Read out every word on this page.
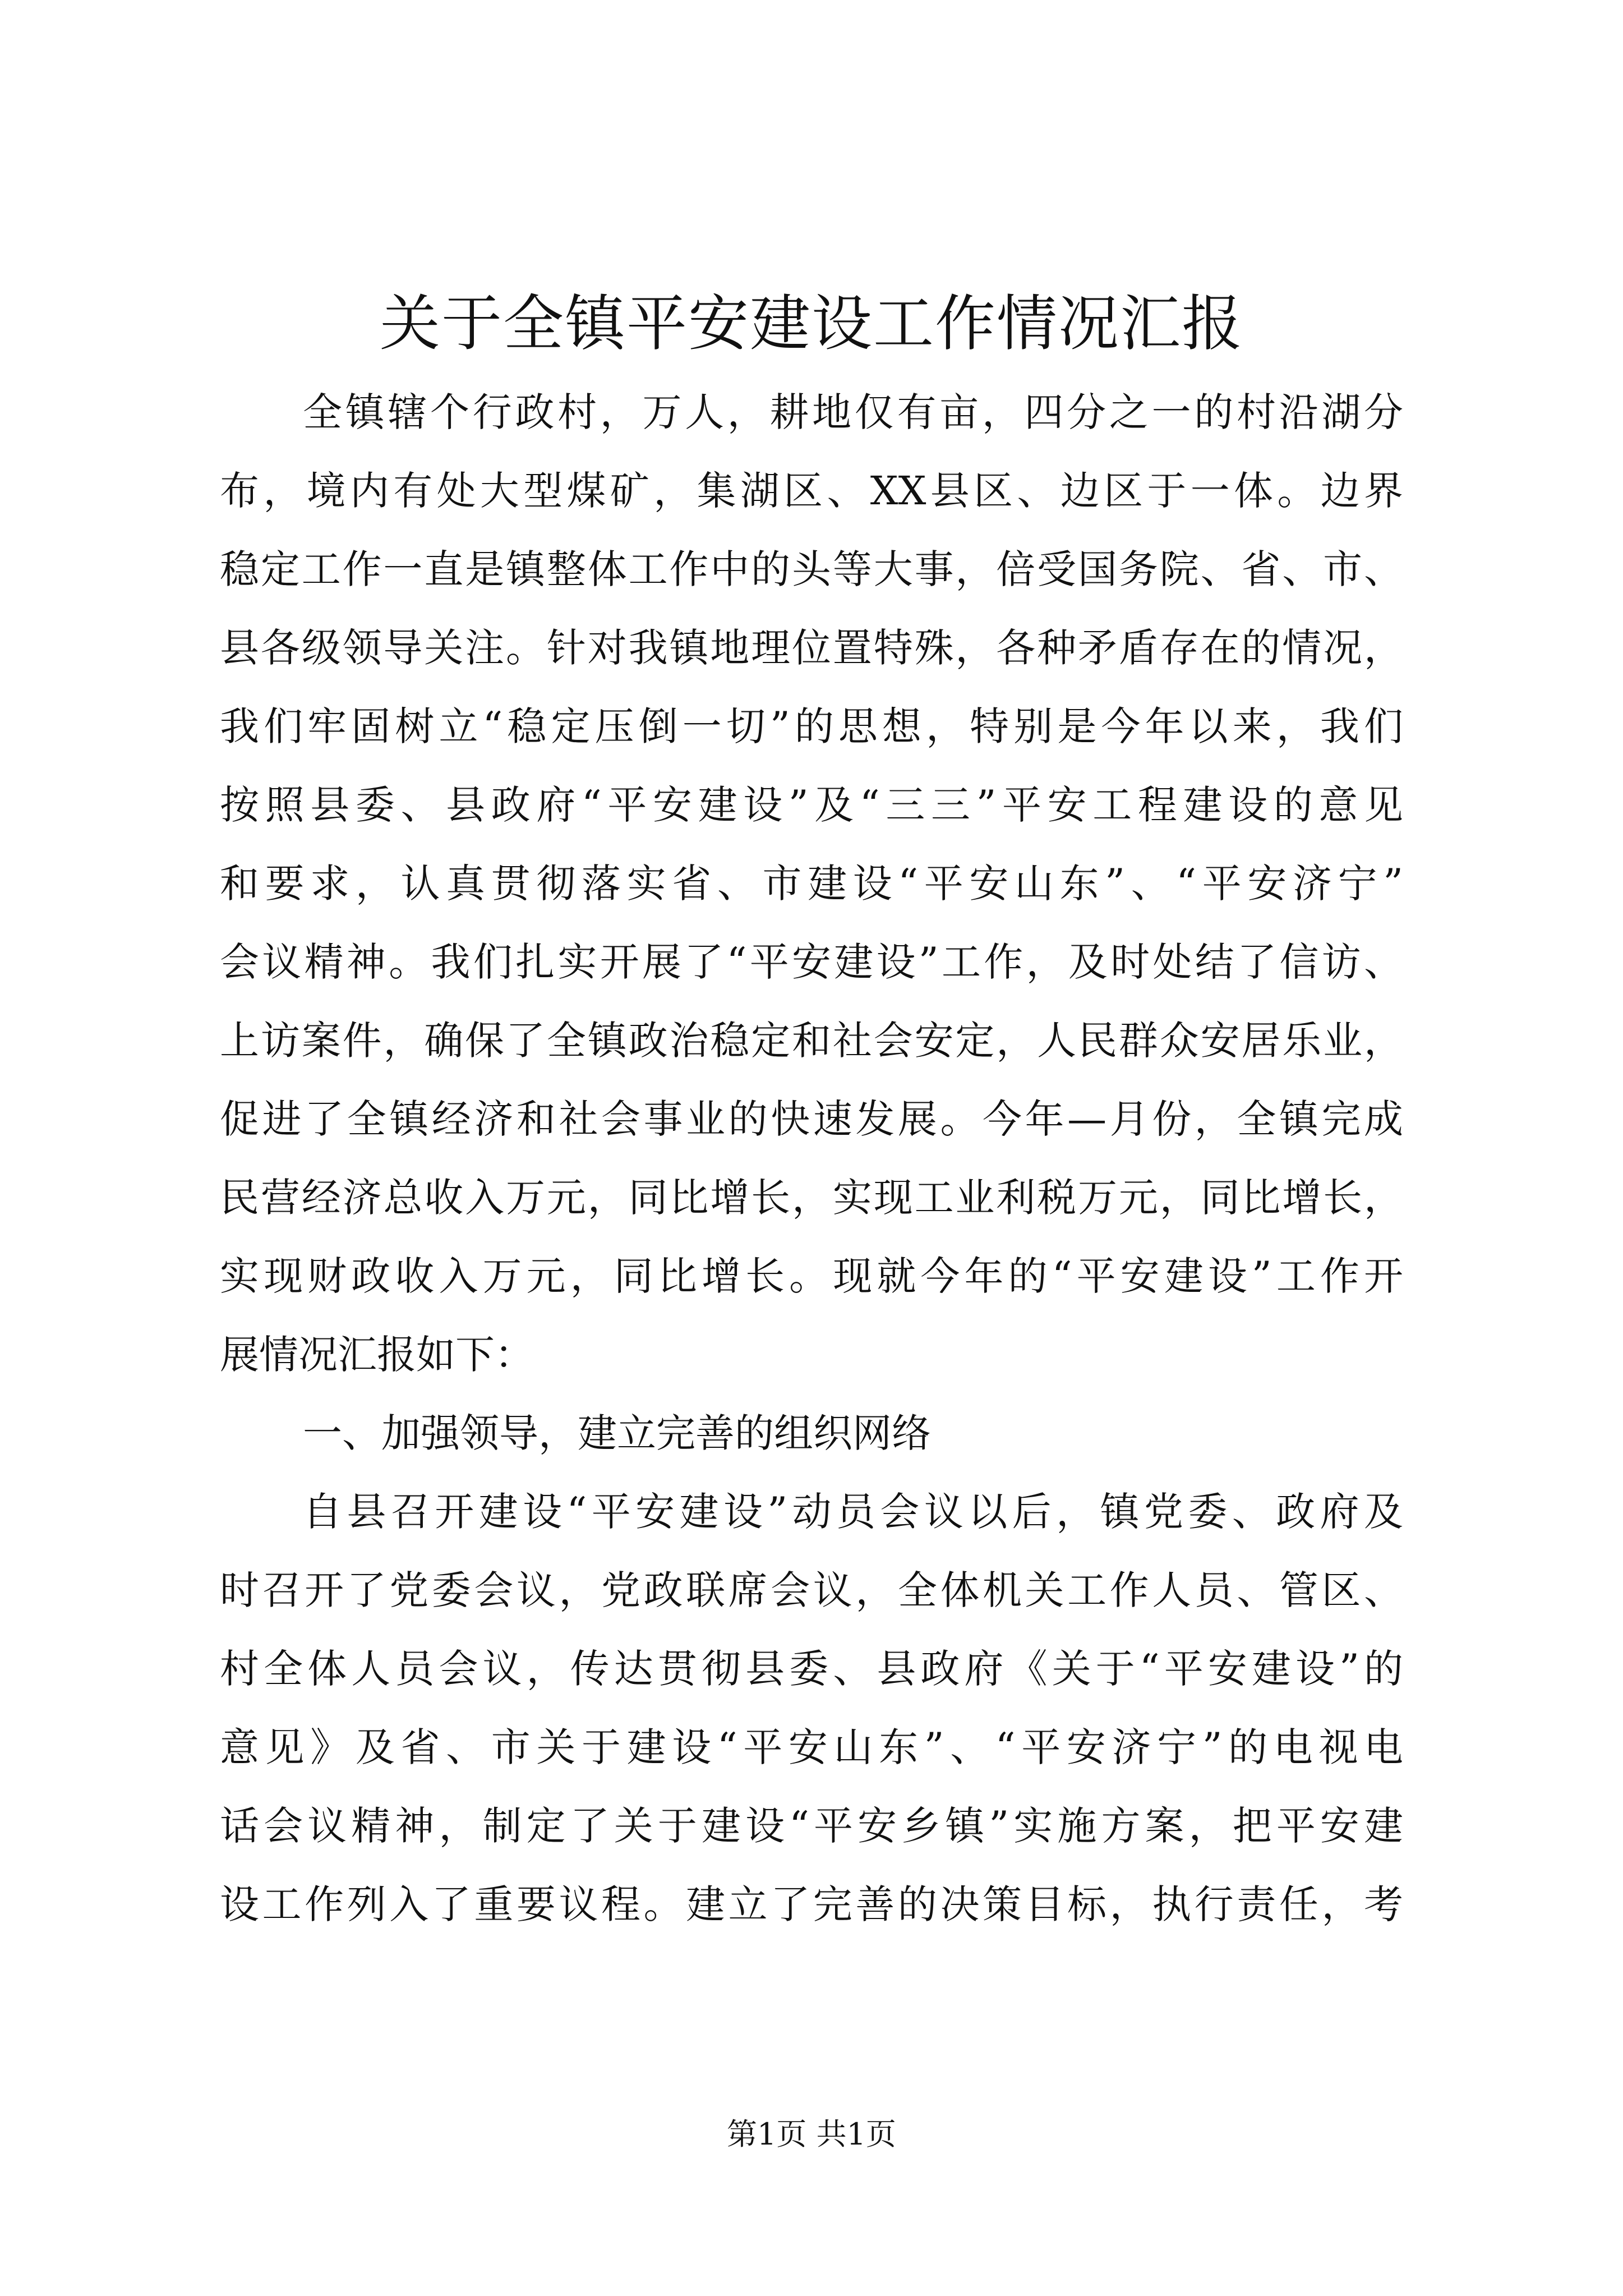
关于全镇平安建设工作情况汇报
全镇辖个行政村，万人，耕地仅有亩，四分之一的村沿湖分
布，境内有处大型煤矿，集湖区、XX县区、边区于一体。边界
稳定工作一直是镇整体工作中的头等大事，倍受国务院、省、市、
县各级领导关注。针对我镇地理位置特殊，各种矛盾存在的情况，
我们牢固树立“稳定压倒一切”的思想，特别是今年以来，我们
按照县委、县政府“平安建设”及“三三”平安工程建设的意见
和要求，认真贯彻落实省、市建设“平安山东”、“平安济宁”
会议精神。我们扎实开展了“平安建设”工作，及时处结了信访、
上访案件，确保了全镇政治稳定和社会安定，人民群众安居乐业，
促进了全镇经济和社会事业的快速发展。今年—月份，全镇完成
民营经济总收入万元，同比增长，实现工业利税万元，同比增长，
实现财政收入万元，同比增长。现就今年的“平安建设”工作开
展情况汇报如下：
一、加强领导，建立完善的组织网络
自县召开建设“平安建设”动员会议以后，镇党委、政府及
时召开了党委会议，党政联席会议，全体机关工作人员、管区、
村全体人员会议，传达贯彻县委、县政府《关于“平安建设”的
意见》及省、市关于建设“平安山东”、“平安济宁”的电视电
话会议精神，制定了关于建设“平安乡镇”实施方案，把平安建
设工作列入了重要议程。建立了完善的决策目标，执行责任，考
第1页 共1页
